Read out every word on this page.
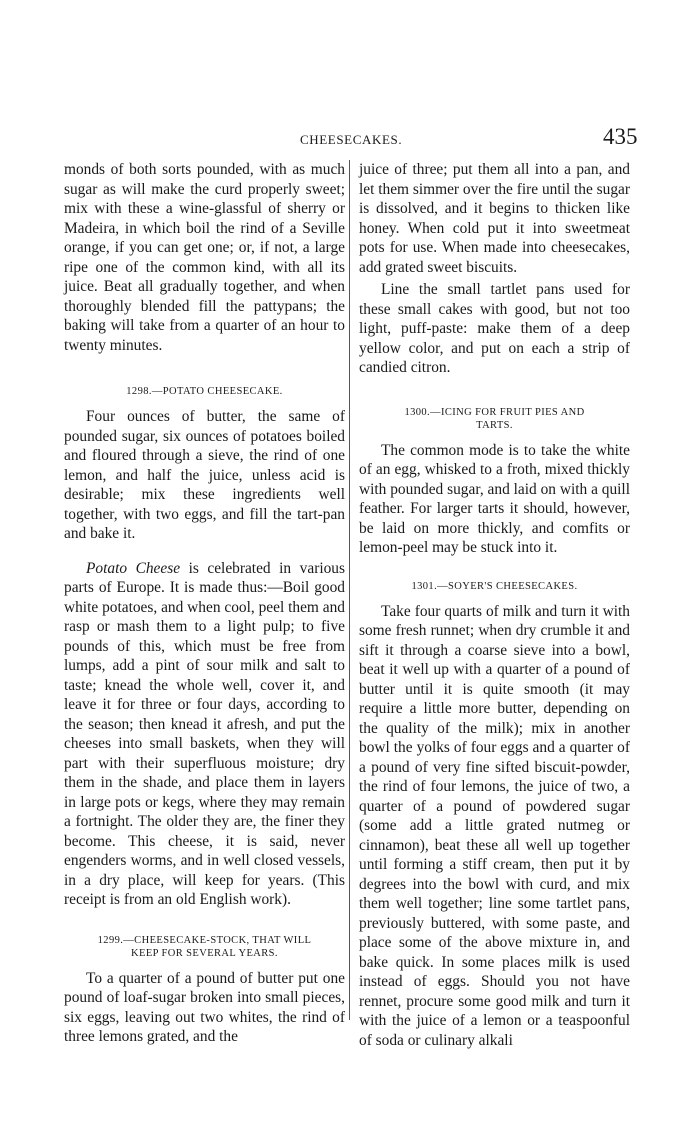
CHEESECAKES.	435

monds of both sorts pounded, with as much sugar as will make the curd properly sweet; mix with these a wine-glassful of sherry or Madeira, in which boil the rind of a Seville orange, if you can get one; or, if not, a large ripe one of the common kind, with all its juice. Beat all gradually together, and when thoroughly blended fill the pattypans; the baking will take from a quarter of an hour to twenty minutes.

1298.—POTATO CHEESECAKE.

Four ounces of butter, the same of pounded sugar, six ounces of potatoes boiled and floured through a sieve, the rind of one lemon, and half the juice, unless acid is desirable; mix these ingredients well together, with two eggs, and fill the tart-pan and bake it.

Potato Cheese is celebrated in various parts of Europe. It is made thus:—Boil good white potatoes, and when cool, peel them and rasp or mash them to a light pulp; to five pounds of this, which must be free from lumps, add a pint of sour milk and salt to taste; knead the whole well, cover it, and leave it for three or four days, according to the season; then knead it afresh, and put the cheeses into small baskets, when they will part with their superfluous moisture; dry them in the shade, and place them in layers in large pots or kegs, where they may remain a fortnight. The older they are, the finer they become. This cheese, it is said, never engenders worms, and in well closed vessels, in a dry place, will keep for years. (This receipt is from an old English work).

1299.—CHEESECAKE-STOCK, THAT WILL
KEEP FOR SEVERAL YEARS.

To a quarter of a pound of butter put one pound of loaf-sugar broken into small pieces, six eggs, leaving out two whites, the rind of three lemons grated, and the

juice of three; put them all into a pan, and let them simmer over the fire until the sugar is dissolved, and it begins to thicken like honey. When cold put it into sweetmeat pots for use. When made into cheesecakes, add grated sweet biscuits.

Line the small tartlet pans used for these small cakes with good, but not too light, puff-paste: make them of a deep yellow color, and put on each a strip of candied citron.

1300.—ICING FOR FRUIT PIES AND
TARTS.

The common mode is to take the white of an egg, whisked to a froth, mixed thickly with pounded sugar, and laid on with a quill feather. For larger tarts it should, however, be laid on more thickly, and comfits or lemon-peel may be stuck into it.

1301.—SOYER'S CHEESECAKES.

Take four quarts of milk and turn it with some fresh runnet; when dry crumble it and sift it through a coarse sieve into a bowl, beat it well up with a quarter of a pound of butter until it is quite smooth (it may require a little more butter, depending on the quality of the milk); mix in another bowl the yolks of four eggs and a quarter of a pound of very fine sifted biscuit-powder, the rind of four lemons, the juice of two, a quarter of a pound of powdered sugar (some add a little grated nutmeg or cinnamon), beat these all well up together until forming a stiff cream, then put it by degrees into the bowl with curd, and mix them well together; line some tartlet pans, previously buttered, with some paste, and place some of the above mixture in, and bake quick. In some places milk is used instead of eggs. Should you not have rennet, procure some good milk and turn it with the juice of a lemon or a teaspoonful of soda or culinary alkali
